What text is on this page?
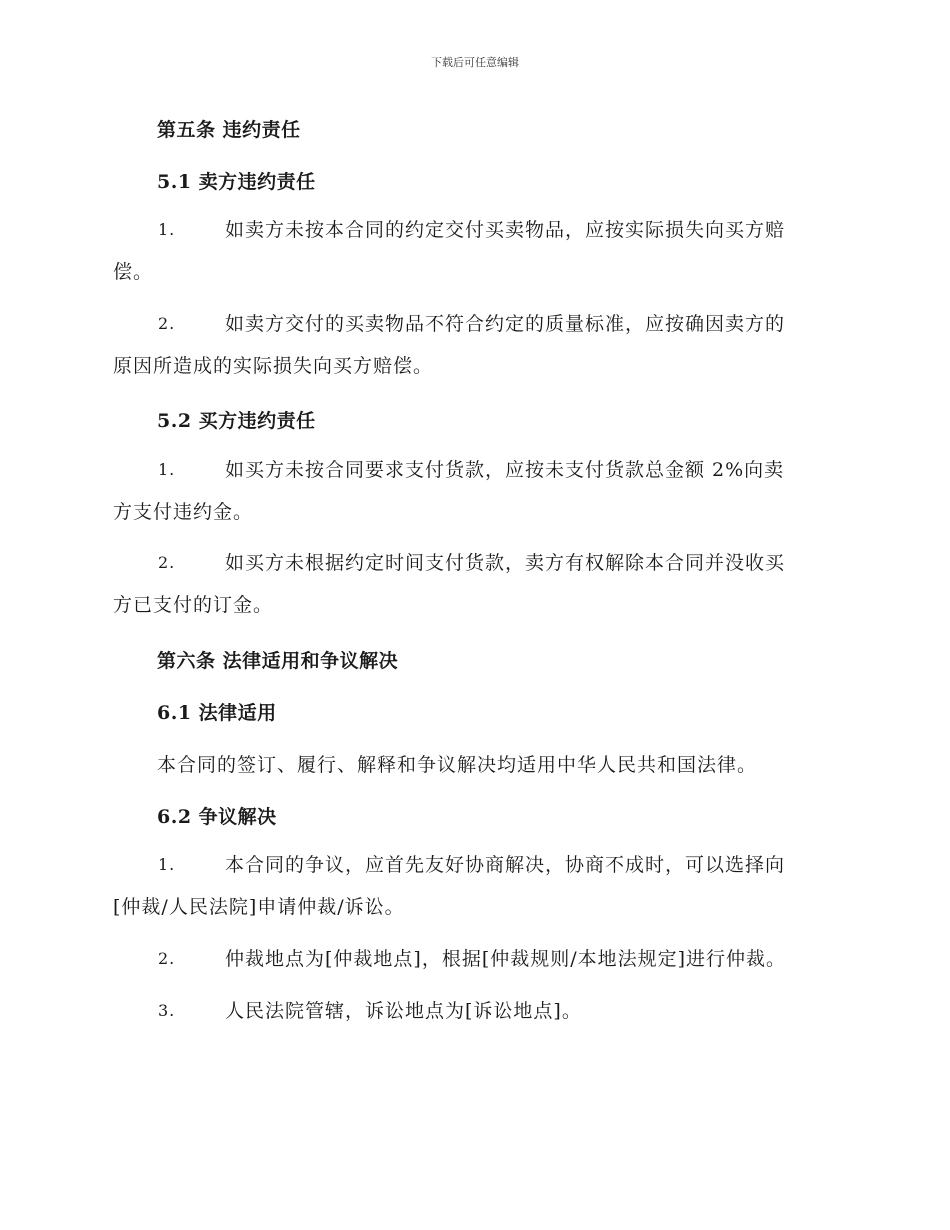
下载后可任意编辑
第五条 违约责任
5.1 卖方违约责任
1.	如卖方未按本合同的约定交付买卖物品，应按实际损失向买方赔
偿。
2.	如卖方交付的买卖物品不符合约定的质量标准，应按确因卖方的
原因所造成的实际损失向买方赔偿。
5.2 买方违约责任
1.	如买方未按合同要求支付货款，应按未支付货款总金额 2%向卖
方支付违约金。
2.	如买方未根据约定时间支付货款，卖方有权解除本合同并没收买
方已支付的订金。
第六条 法律适用和争议解决
6.1 法律适用
本合同的签订、履行、解释和争议解决均适用中华人民共和国法律。
6.2 争议解决
1.	本合同的争议，应首先友好协商解决，协商不成时，可以选择向
[仲裁/人民法院]申请仲裁/诉讼。
2.	仲裁地点为[仲裁地点]，根据[仲裁规则/本地法规定]进行仲裁。
3.	人民法院管辖，诉讼地点为[诉讼地点]。
